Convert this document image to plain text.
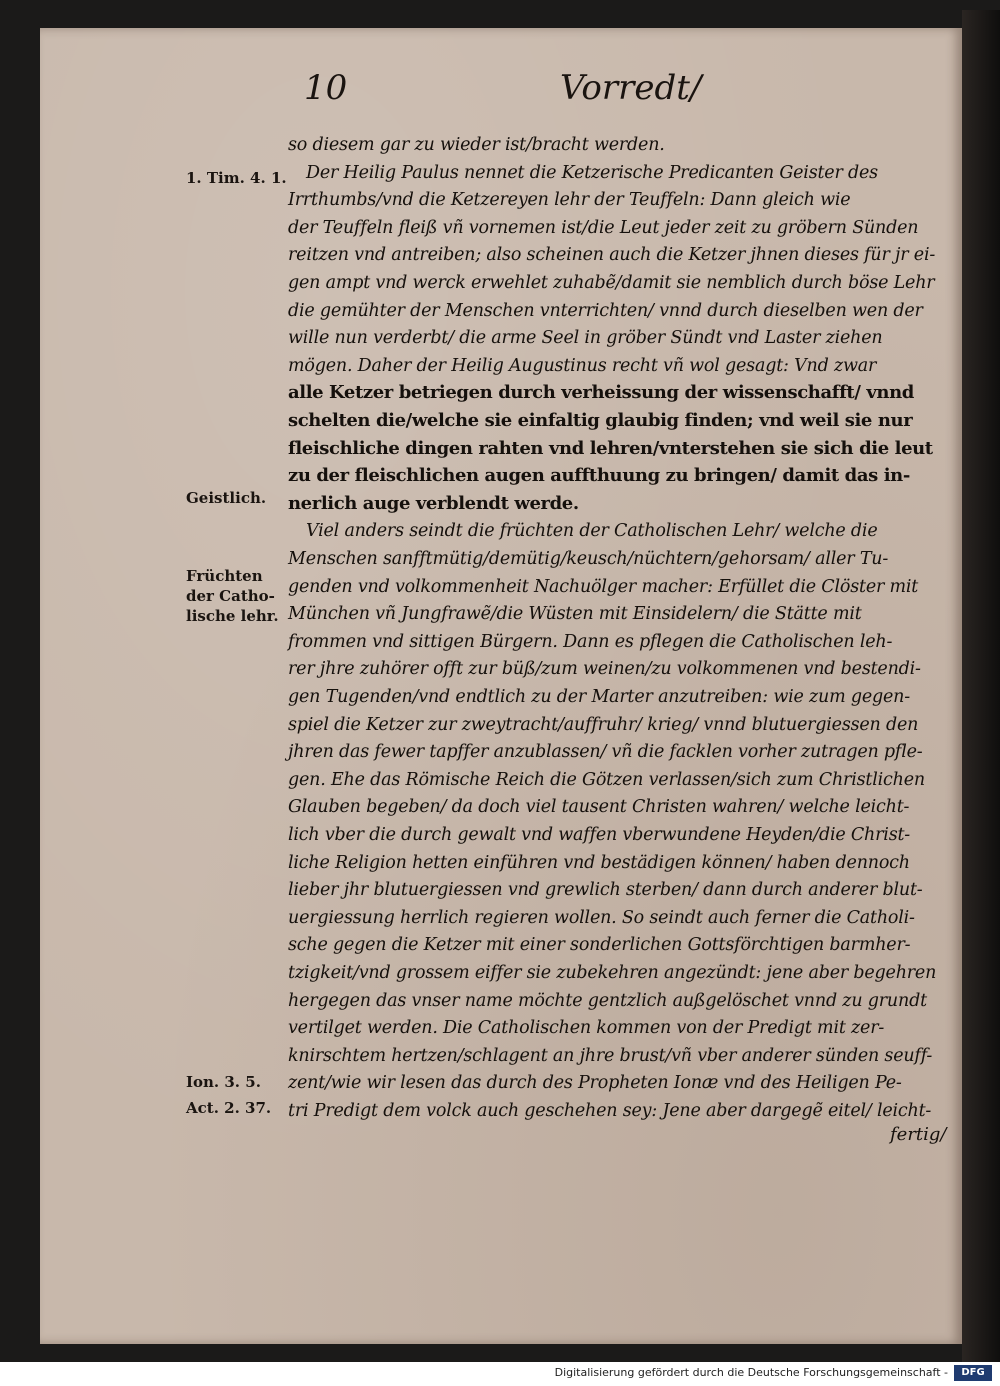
10	Vorredt/
1. Tim. 4. 1.
Geistlich.
Früchten
der Catho-
lische lehr.
Ion. 3. 5.
Act. 2. 37.
so diesem gar zu wieder ist/bracht werden.
Der Heilig Paulus nennet die Ketzerische Predicanten Geister des
Irrthumbs/vnd die Ketzereyen lehr der Teuffeln: Dann gleich wie
der Teuffeln fleiß vñ vornemen ist/die Leut jeder zeit zu gröbern Sünden
reitzen vnd antreiben; also scheinen auch die Ketzer jhnen dieses für jr ei-
gen ampt vnd werck erwehlet zuhabẽ/damit sie nemblich durch böse Lehr
die gemühter der Menschen vnterrichten/ vnnd durch dieselben wen der
wille nun verderbt/ die arme Seel in gröber Sündt vnd Laster ziehen
mögen. Daher der Heilig Augustinus recht vñ wol gesagt: Vnd zwar
alle Ketzer betriegen durch verheissung der wissenschafft/ vnnd
schelten die/welche sie einfaltig glaubig finden; vnd weil sie nur
fleischliche dingen rahten vnd lehren/vnterstehen sie sich die leut
zu der fleischlichen augen auffthuung zu bringen/ damit das in-
nerlich auge verblendt werde.
Viel anders seindt die früchten der Catholischen Lehr/ welche die
Menschen sanfftmütig/demütig/keusch/nüchtern/gehorsam/ aller Tu-
genden vnd volkommenheit Nachuölger macher: Erfüllet die Clöster mit
München vñ Jungfrawẽ/die Wüsten mit Einsidelern/ die Stätte mit
frommen vnd sittigen Bürgern. Dann es pflegen die Catholischen leh-
rer jhre zuhörer offt zur büß/zum weinen/zu volkommenen vnd bestendi-
gen Tugenden/vnd endtlich zu der Marter anzutreiben: wie zum gegen-
spiel die Ketzer zur zweytracht/auffruhr/ krieg/ vnnd blutuergiessen den
jhren das fewer tapffer anzublassen/ vñ die facklen vorher zutragen pfle-
gen. Ehe das Römische Reich die Götzen verlassen/sich zum Christlichen
Glauben begeben/ da doch viel tausent Christen wahren/ welche leicht-
lich vber die durch gewalt vnd waffen vberwundene Heyden/die Christ-
liche Religion hetten einführen vnd bestädigen können/ haben dennoch
lieber jhr blutuergiessen vnd grewlich sterben/ dann durch anderer blut-
uergiessung herrlich regieren wollen. So seindt auch ferner die Catholi-
sche gegen die Ketzer mit einer sonderlichen Gottsförchtigen barmher-
tzigkeit/vnd grossem eiffer sie zubekehren angezündt: jene aber begehren
hergegen das vnser name möchte gentzlich außgelöschet vnnd zu grundt
vertilget werden. Die Catholischen kommen von der Predigt mit zer-
knirschtem hertzen/schlagent an jhre brust/vñ vber anderer sünden seuff-
zent/wie wir lesen das durch des Propheten Ionæ vnd des Heiligen Pe-
tri Predigt dem volck auch geschehen sey: Jene aber dargegẽ eitel/ leicht-
fertig/
Digitalisierung gefördert durch die Deutsche Forschungsgemeinschaft -	DFG
